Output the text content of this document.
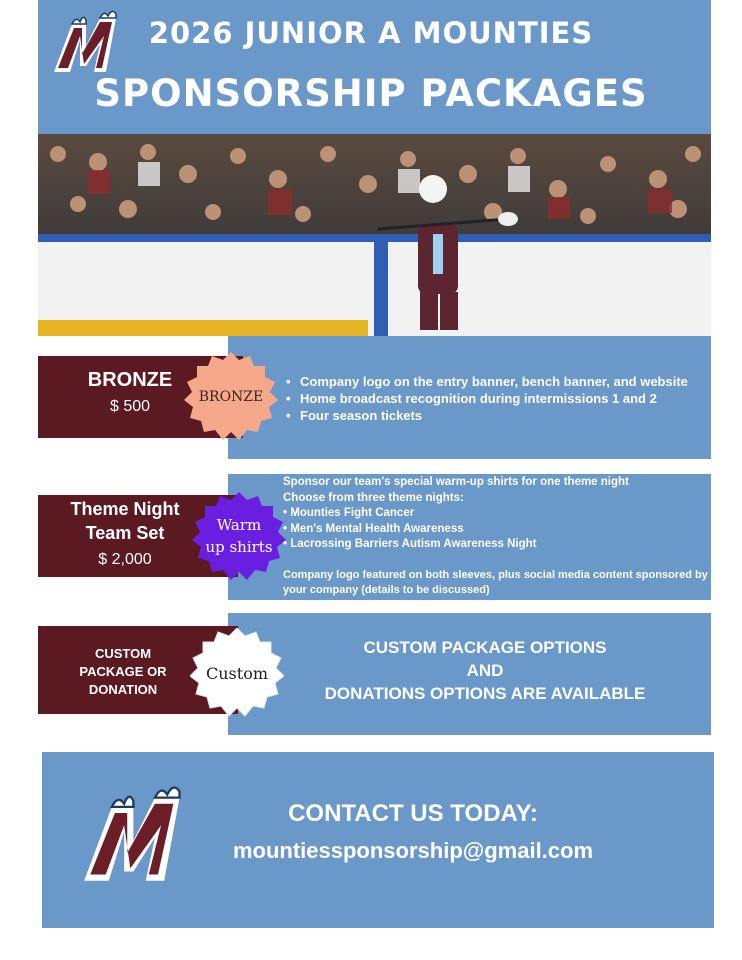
2026 JUNIOR A MOUNTIES
SPONSORSHIP PACKAGES
BRONZE
$ 500
BRONZE
• Company logo on the entry banner, bench banner, and website
• Home broadcast recognition during intermissions 1 and 2
• Four season tickets
Theme Night
Team Set
$ 2,000
Warm
up shirts
Sponsor our team's special warm-up shirts for one theme night
Choose from three theme nights:
• Mounties Fight Cancer
• Men's Mental Health Awareness
• Lacrossing Barriers Autism Awareness Night
Company logo featured on both sleeves, plus social media content sponsored by your company (details to be discussed)
CUSTOM
PACKAGE OR
DONATION
Custom
CUSTOM PACKAGE OPTIONS
AND
DONATIONS OPTIONS ARE AVAILABLE
CONTACT US TODAY:
mountiessponsorship@gmail.com
